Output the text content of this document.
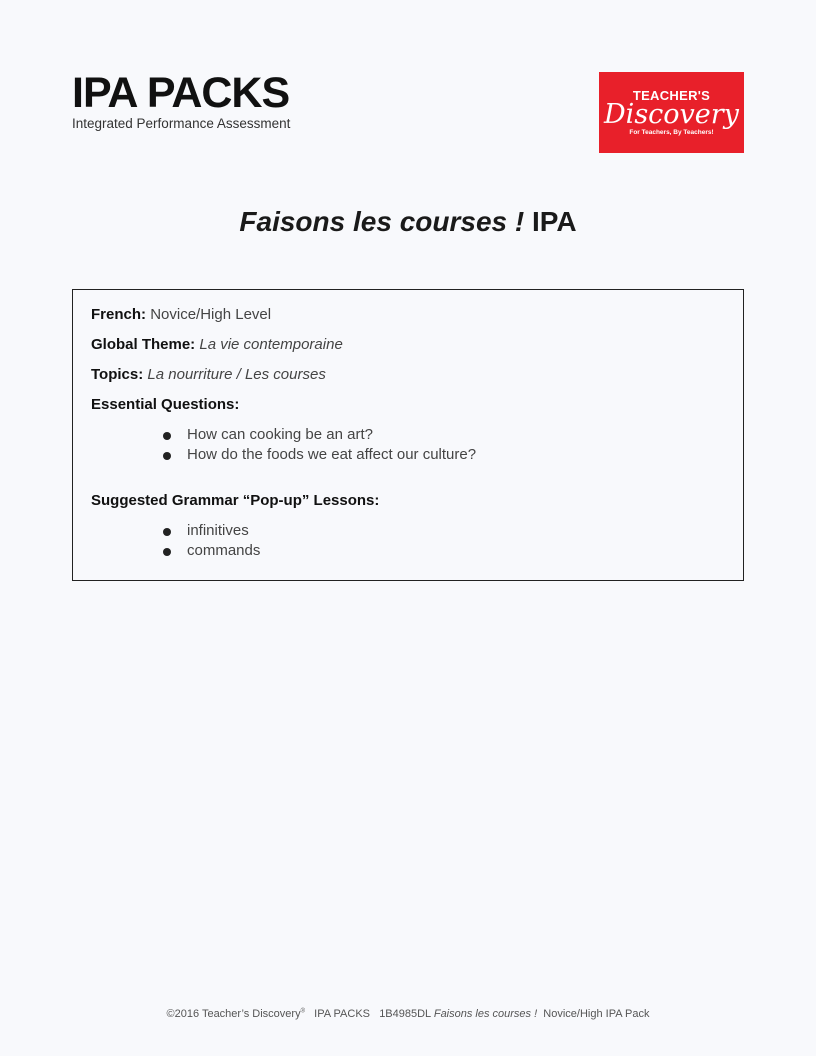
IPA PACKS
Integrated Performance Assessment
TEACHER'S
Discovery
For Teachers, By Teachers!
Faisons les courses ! IPA
French: Novice/High Level
Global Theme: La vie contemporaine
Topics: La nourriture / Les courses
Essential Questions:
How can cooking be an art?
How do the foods we eat affect our culture?
Suggested Grammar “Pop-up” Lessons:
infinitives
commands
©2016 Teacher’s Discovery® IPA PACKS 1B4985DL Faisons les courses ! Novice/High IPA Pack
